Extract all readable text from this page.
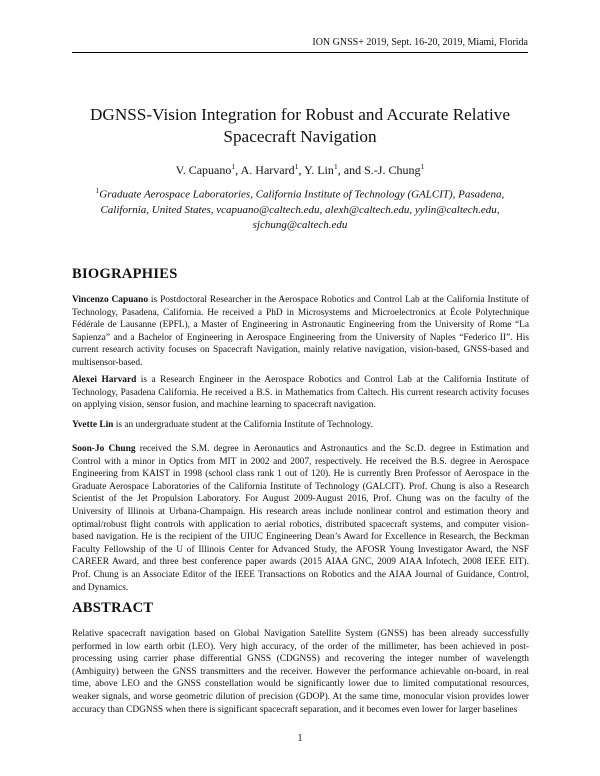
ION GNSS+ 2019, Sept. 16-20, 2019, Miami, Florida
DGNSS-Vision Integration for Robust and Accurate Relative
Spacecraft Navigation
V. Capuano$^1$, A. Harvard$^1$, Y. Lin$^1$, and S.-J. Chung$^1$
$^1$Graduate Aerospace Laboratories, California Institute of Technology (GALCIT), Pasadena,
California, United States, vcapuano@caltech.edu, alexh@caltech.edu, yylin@caltech.edu,
sjchung@caltech.edu
BIOGRAPHIES

Vincenzo Capuano is Postdoctoral Researcher in the Aerospace Robotics and Control Lab at the California Institute of Technology, Pasadena, California. He received a PhD in Microsystems and Microelectronics at École Polytechnique Fédérale de Lausanne (EPFL), a Master of Engineering in Astronautic Engineering from the University of Rome “La Sapienza” and a Bachelor of Engineering in Aerospace Engineering from the University of Naples “Federico II”. His current research activity focuses on Spacecraft Navigation, mainly relative navigation, vision-based, GNSS-based and multisensor-based.

Alexei Harvard is a Research Engineer in the Aerospace Robotics and Control Lab at the California Institute of Technology, Pasadena California. He received a B.S. in Mathematics from Caltech. His current research activity focuses on applying vision, sensor fusion, and machine learning to spacecraft navigation.

Yvette Lin is an undergraduate student at the California Institute of Technology.

Soon-Jo Chung received the S.M. degree in Aeronautics and Astronautics and the Sc.D. degree in Estimation and Control with a minor in Optics from MIT in 2002 and 2007, respectively. He received the B.S. degree in Aerospace Engineering from KAIST in 1998 (school class rank 1 out of 120). He is currently Bren Professor of Aerospace in the Graduate Aerospace Laboratories of the California Institute of Technology (GALCIT). Prof. Chung is also a Research Scientist of the Jet Propulsion Laboratory. For August 2009-August 2016, Prof. Chung was on the faculty of the University of Illinois at Urbana-Champaign. His research areas include nonlinear control and estimation theory and optimal/robust flight controls with application to aerial robotics, distributed spacecraft systems, and computer vision-based navigation. He is the recipient of the UIUC Engineering Dean’s Award for Excellence in Research, the Beckman Faculty Fellowship of the U of Illinois Center for Advanced Study, the AFOSR Young Investigator Award, the NSF CAREER Award, and three best conference paper awards (2015 AIAA GNC, 2009 AIAA Infotech, 2008 IEEE EIT). Prof. Chung is an Associate Editor of the IEEE Transactions on Robotics and the AIAA Journal of Guidance, Control, and Dynamics.

ABSTRACT

Relative spacecraft navigation based on Global Navigation Satellite System (GNSS) has been already successfully performed in low earth orbit (LEO). Very high accuracy, of the order of the millimeter, has been achieved in post-processing using carrier phase differential GNSS (CDGNSS) and recovering the integer number of wavelength (Ambiguity) between the GNSS transmitters and the receiver. However the performance achievable on-board, in real time, above LEO and the GNSS constellation would be significantly lower due to limited computational resources, weaker signals, and worse geometric dilution of precision (GDOP). At the same time, monocular vision provides lower accuracy than CDGNSS when there is significant spacecraft separation, and it becomes even lower for larger baselines

1
